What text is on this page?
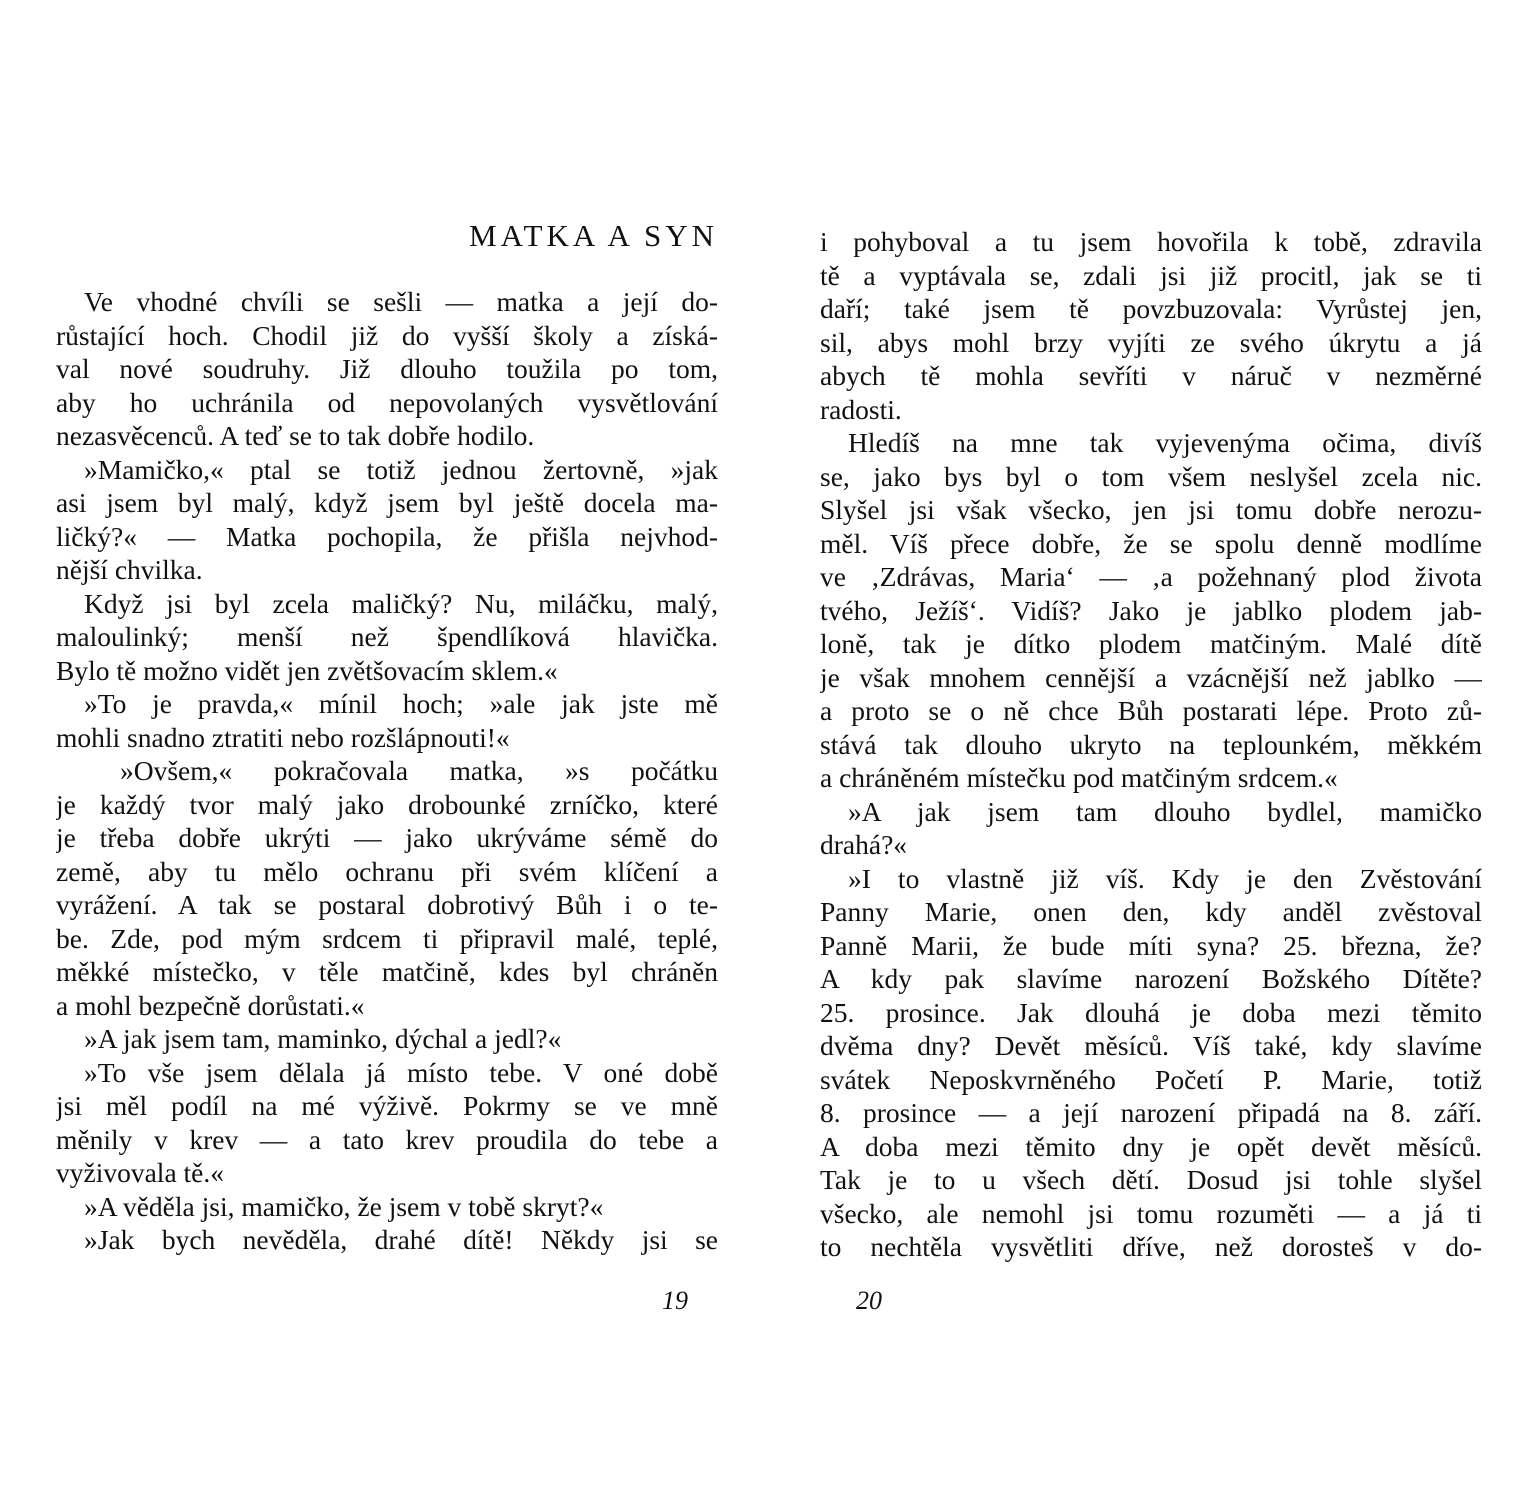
MATKA A SYN
Ve vhodné chvíli se sešli — matka a její do-
růstající hoch. Chodil již do vyšší školy a získá-
val nové soudruhy. Již dlouho toužila po tom,
aby ho uchránila od nepovolaných vysvětlování
nezasvěcenců. A teď se to tak dobře hodilo.
»Mamičko,« ptal se totiž jednou žertovně, »jak
asi jsem byl malý, když jsem byl ještě docela ma-
ličký?« — Matka pochopila, že přišla nejvhod-
nější chvilka.
Když jsi byl zcela maličký? Nu, miláčku, malý,
maloulinký; menší než špendlíková hlavička.
Bylo tě možno vidět jen zvětšovacím sklem.«
»To je pravda,« mínil hoch; »ale jak jste mě
mohli snadno ztratiti nebo rozšlápnouti!«
»Ovšem,« pokračovala matka, »s počátku
je každý tvor malý jako drobounké zrníčko, které
je třeba dobře ukrýti — jako ukrýváme sémě do
země, aby tu mělo ochranu při svém klíčení a
vyrážení. A tak se postaral dobrotivý Bůh i o te-
be. Zde, pod mým srdcem ti připravil malé, teplé,
měkké místečko, v těle matčině, kdes byl chráněn
a mohl bezpečně dorůstati.«
»A jak jsem tam, maminko, dýchal a jedl?«
»To vše jsem dělala já místo tebe. V oné době
jsi měl podíl na mé výživě. Pokrmy se ve mně
měnily v krev — a tato krev proudila do tebe a
vyživovala tě.«
»A věděla jsi, mamičko, že jsem v tobě skryt?«
»Jak bych nevěděla, drahé dítě! Někdy jsi se

19

i pohyboval a tu jsem hovořila k tobě, zdravila
tě a vyptávala se, zdali jsi již procitl, jak se ti
daří; také jsem tě povzbuzovala: Vyrůstej jen,
sil, abys mohl brzy vyjíti ze svého úkrytu a já
abych tě mohla sevříti v náruč v nezměrné
radosti.
Hledíš na mne tak vyjevenýma očima, divíš
se, jako bys byl o tom všem neslyšel zcela nic.
Slyšel jsi však všecko, jen jsi tomu dobře nerozu-
měl. Víš přece dobře, že se spolu denně modlíme
ve ‚Zdrávas, Maria‘ — ‚a požehnaný plod života
tvého, Ježíš‘. Vidíš? Jako je jablko plodem jab-
loně, tak je dítko plodem matčiným. Malé dítě
je však mnohem cennější a vzácnější než jablko —
a proto se o ně chce Bůh postarati lépe. Proto zů-
stává tak dlouho ukryto na teplounkém, měkkém
a chráněném místečku pod matčiným srdcem.«
»A jak jsem tam dlouho bydlel, mamičko
drahá?«
»I to vlastně již víš. Kdy je den Zvěstování
Panny Marie, onen den, kdy anděl zvěstoval
Panně Marii, že bude míti syna? 25. března, že?
A kdy pak slavíme narození Božského Dítěte?
25. prosince. Jak dlouhá je doba mezi těmito
dvěma dny? Devět měsíců. Víš také, kdy slavíme
svátek Neposkvrněného Početí P. Marie, totiž
8. prosince — a její narození připadá na 8. září.
A doba mezi těmito dny je opět devět měsíců.
Tak je to u všech dětí. Dosud jsi tohle slyšel
všecko, ale nemohl jsi tomu rozuměti — a já ti
to nechtěla vysvětliti dříve, než dorosteš v do-

20
